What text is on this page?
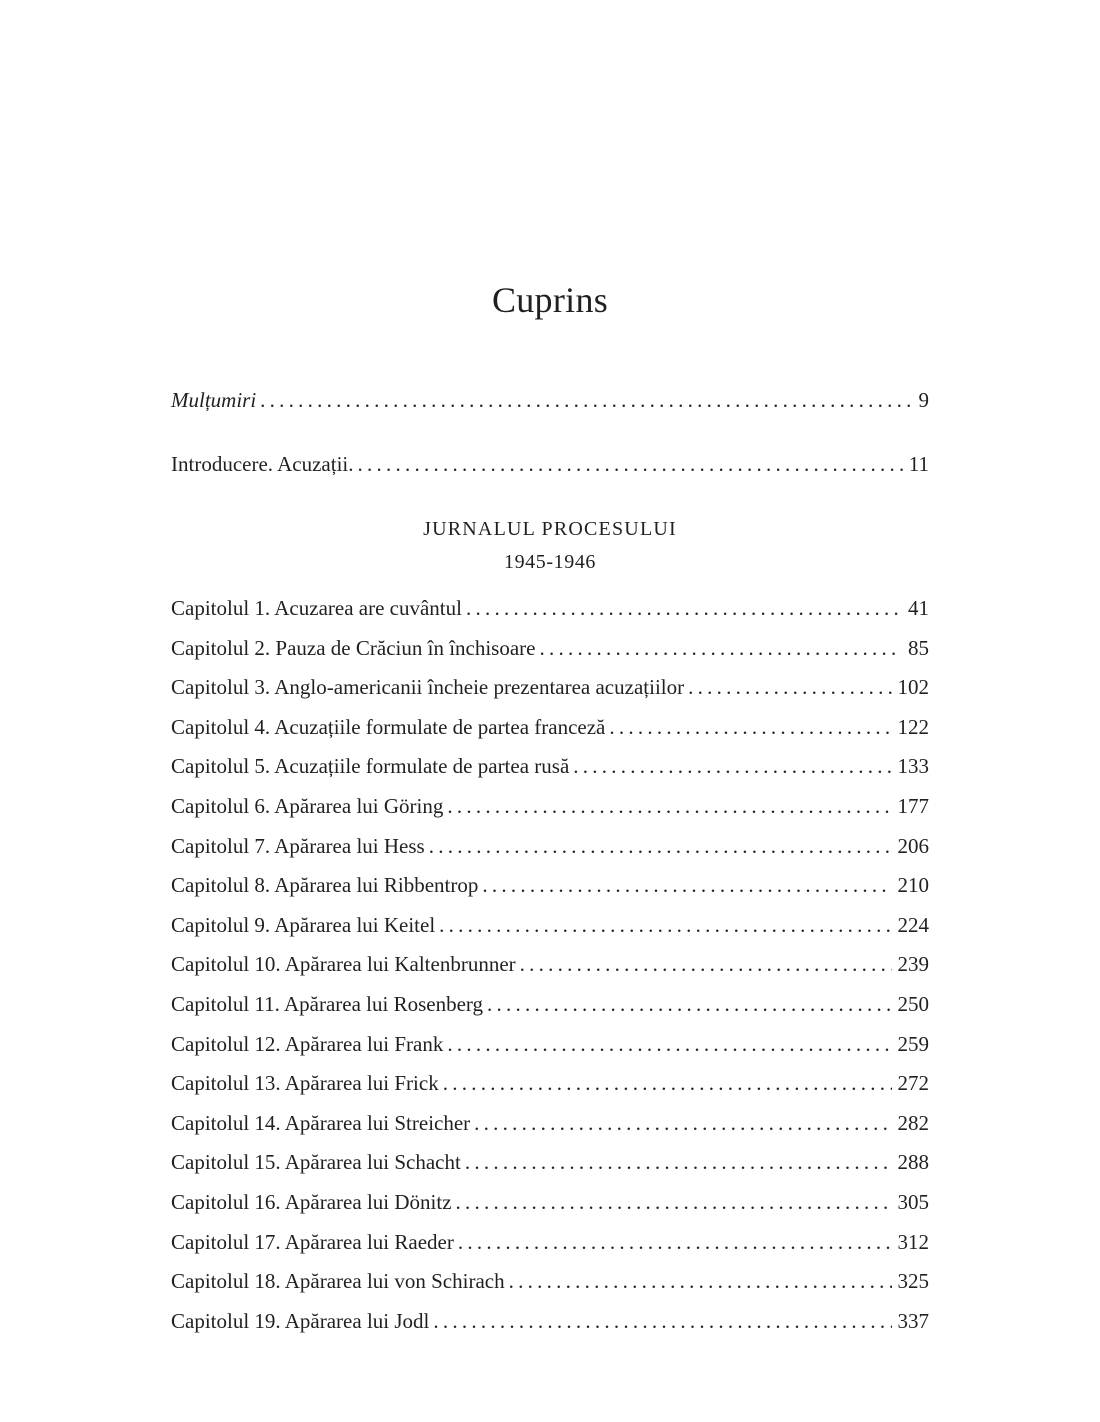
Cuprins
Mulțumiri . . .	9
Introducere. Acuzații. . . .	11
JURNALUL PROCESULUI
1945-1946
Capitolul 1. Acuzarea are cuvântul . . .	41
Capitolul 2. Pauza de Crăciun în închisoare . . .	85
Capitolul 3. Anglo-americanii încheie prezentarea acuzațiilor . . .	102
Capitolul 4. Acuzațiile formulate de partea franceză . . .	122
Capitolul 5. Acuzațiile formulate de partea rusă . . .	133
Capitolul 6. Apărarea lui Göring . . .	177
Capitolul 7. Apărarea lui Hess . . .	206
Capitolul 8. Apărarea lui Ribbentrop . . .	210
Capitolul 9. Apărarea lui Keitel . . .	224
Capitolul 10. Apărarea lui Kaltenbrunner . . .	239
Capitolul 11. Apărarea lui Rosenberg . . .	250
Capitolul 12. Apărarea lui Frank . . .	259
Capitolul 13. Apărarea lui Frick . . .	272
Capitolul 14. Apărarea lui Streicher . . .	282
Capitolul 15. Apărarea lui Schacht . . .	288
Capitolul 16. Apărarea lui Dönitz . . .	305
Capitolul 17. Apărarea lui Raeder . . .	312
Capitolul 18. Apărarea lui von Schirach . . .	325
Capitolul 19. Apărarea lui Jodl . . .	337
